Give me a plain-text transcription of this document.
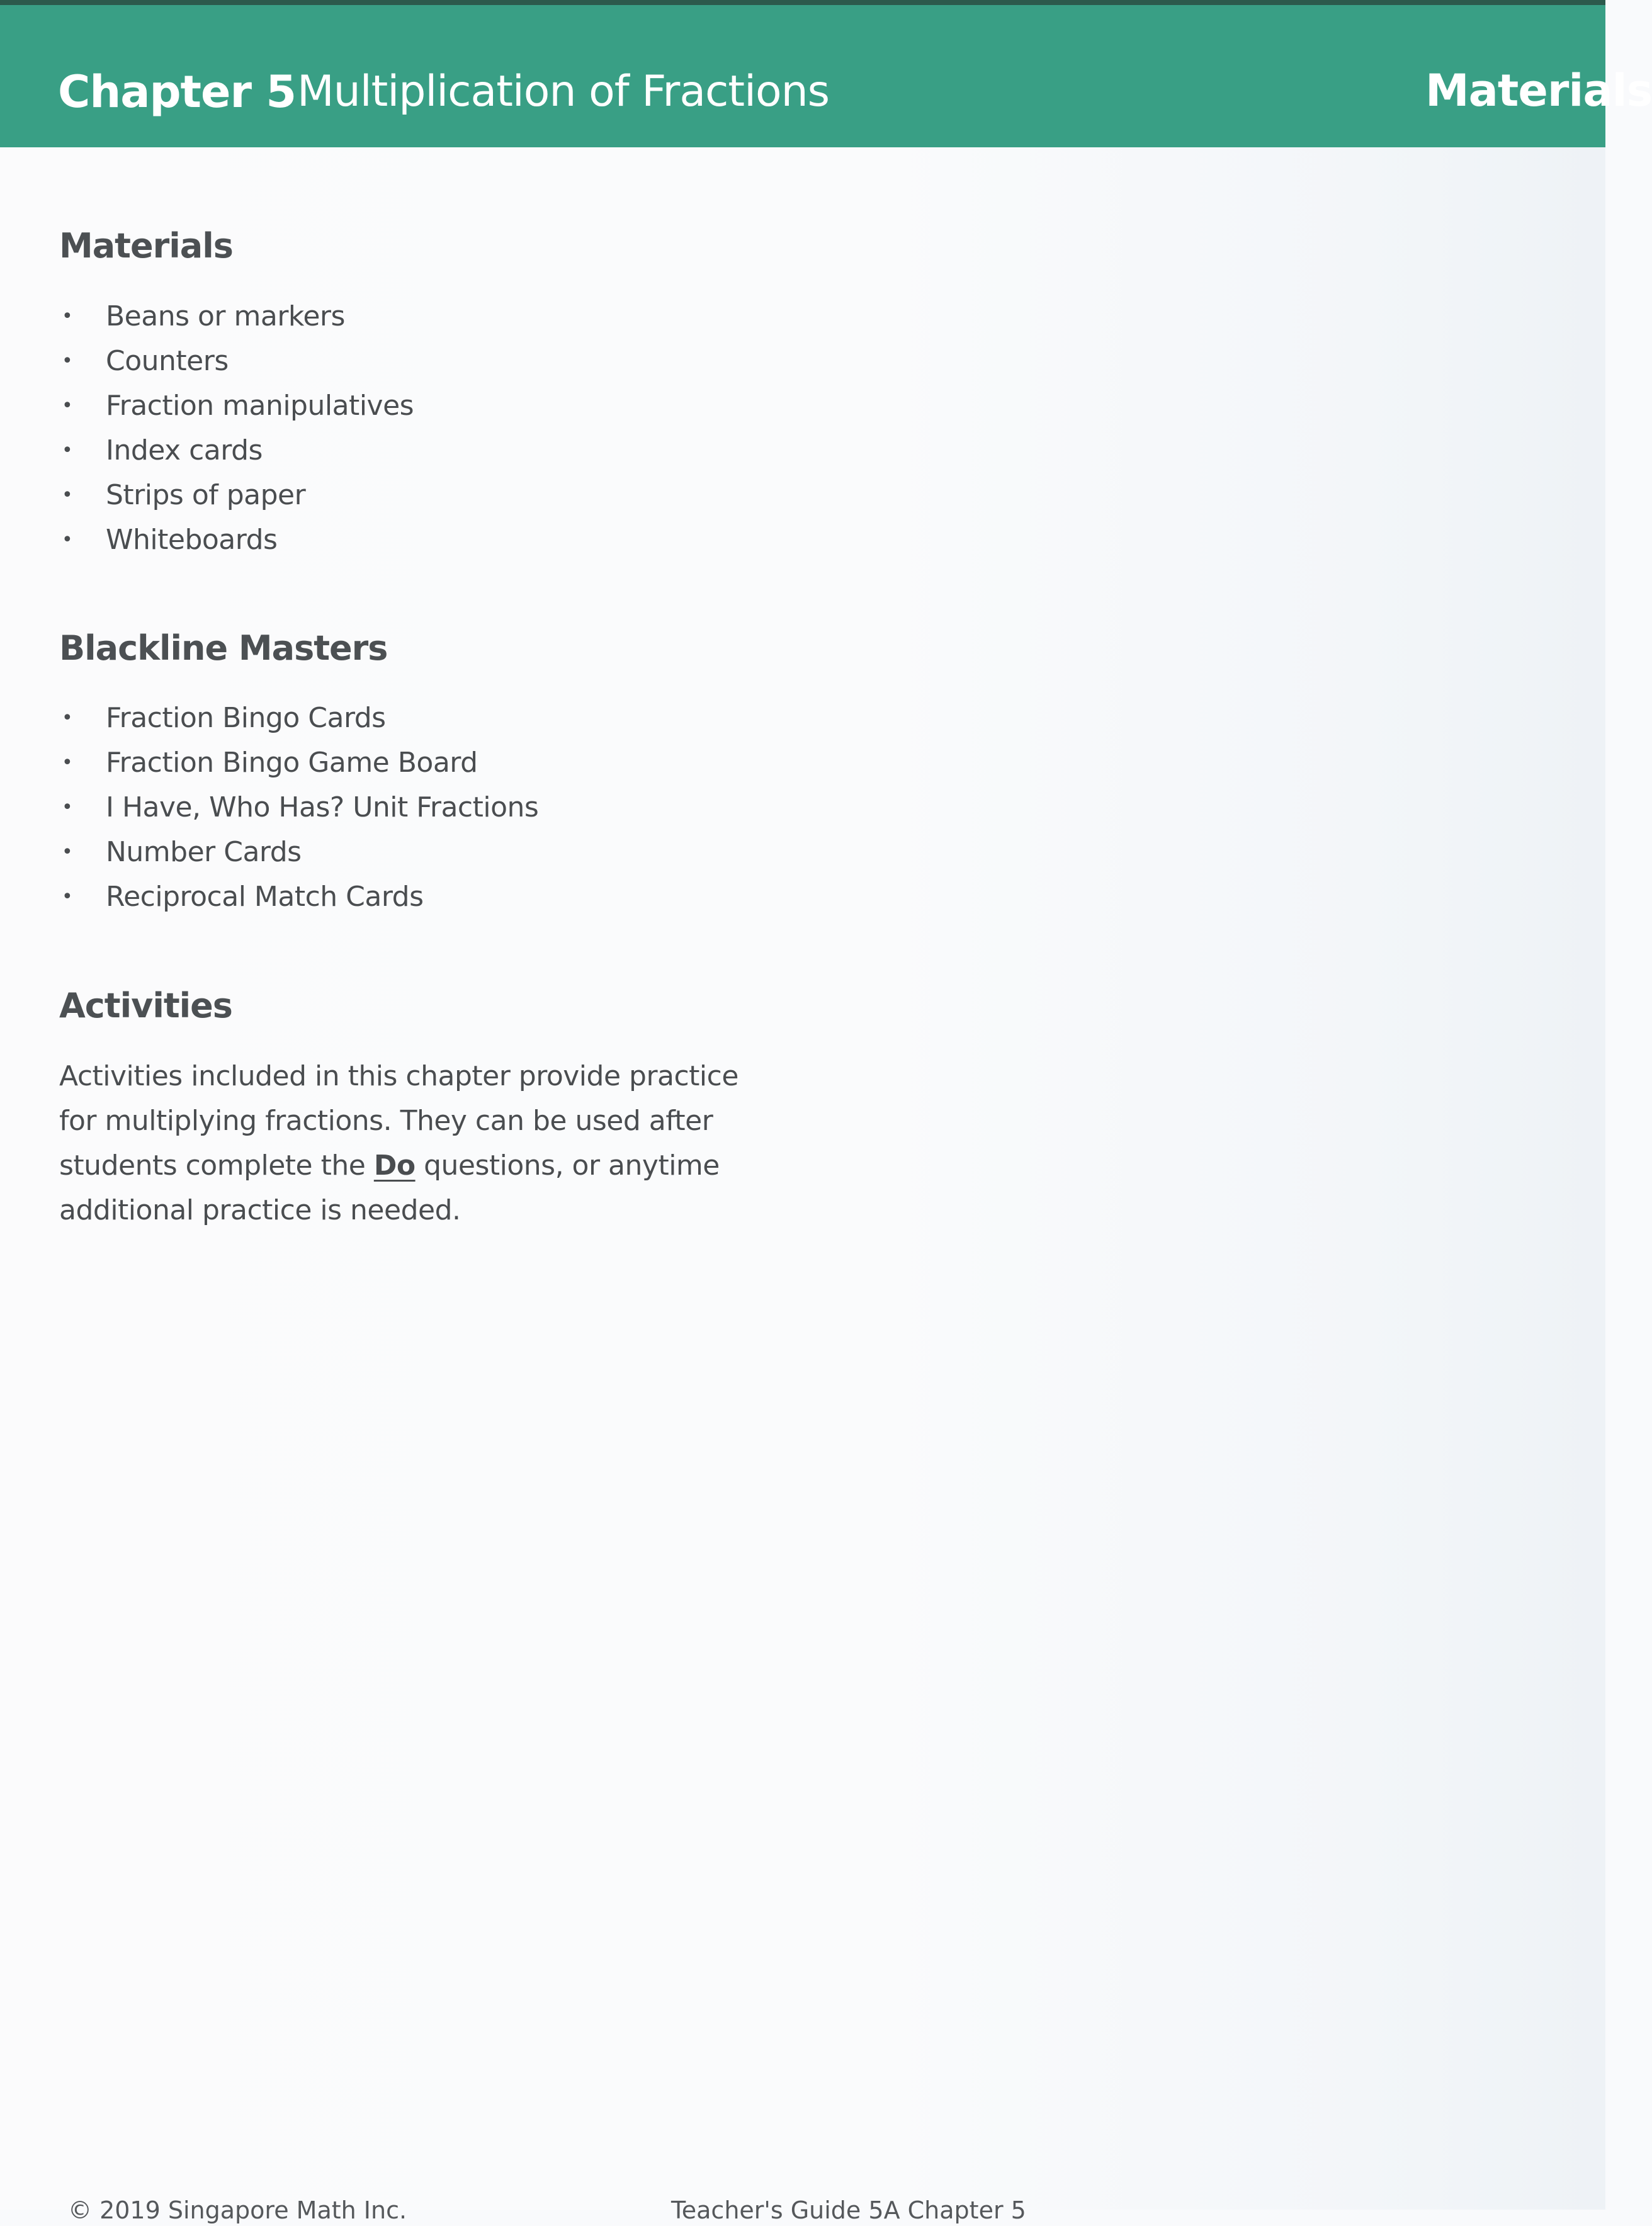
Chapter 5 Multiplication of Fractions	Materials
Materials
• Beans or markers
• Counters
• Fraction manipulatives
• Index cards
• Strips of paper
• Whiteboards
Blackline Masters
• Fraction Bingo Cards
• Fraction Bingo Game Board
• I Have, Who Has? Unit Fractions
• Number Cards
• Reciprocal Match Cards
Activities

Activities included in this chapter provide practice
for multiplying fractions. They can be used after
students complete the Do questions, or anytime
additional practice is needed.

© 2019 Singapore Math Inc.	Teacher's Guide 5A Chapter 5
